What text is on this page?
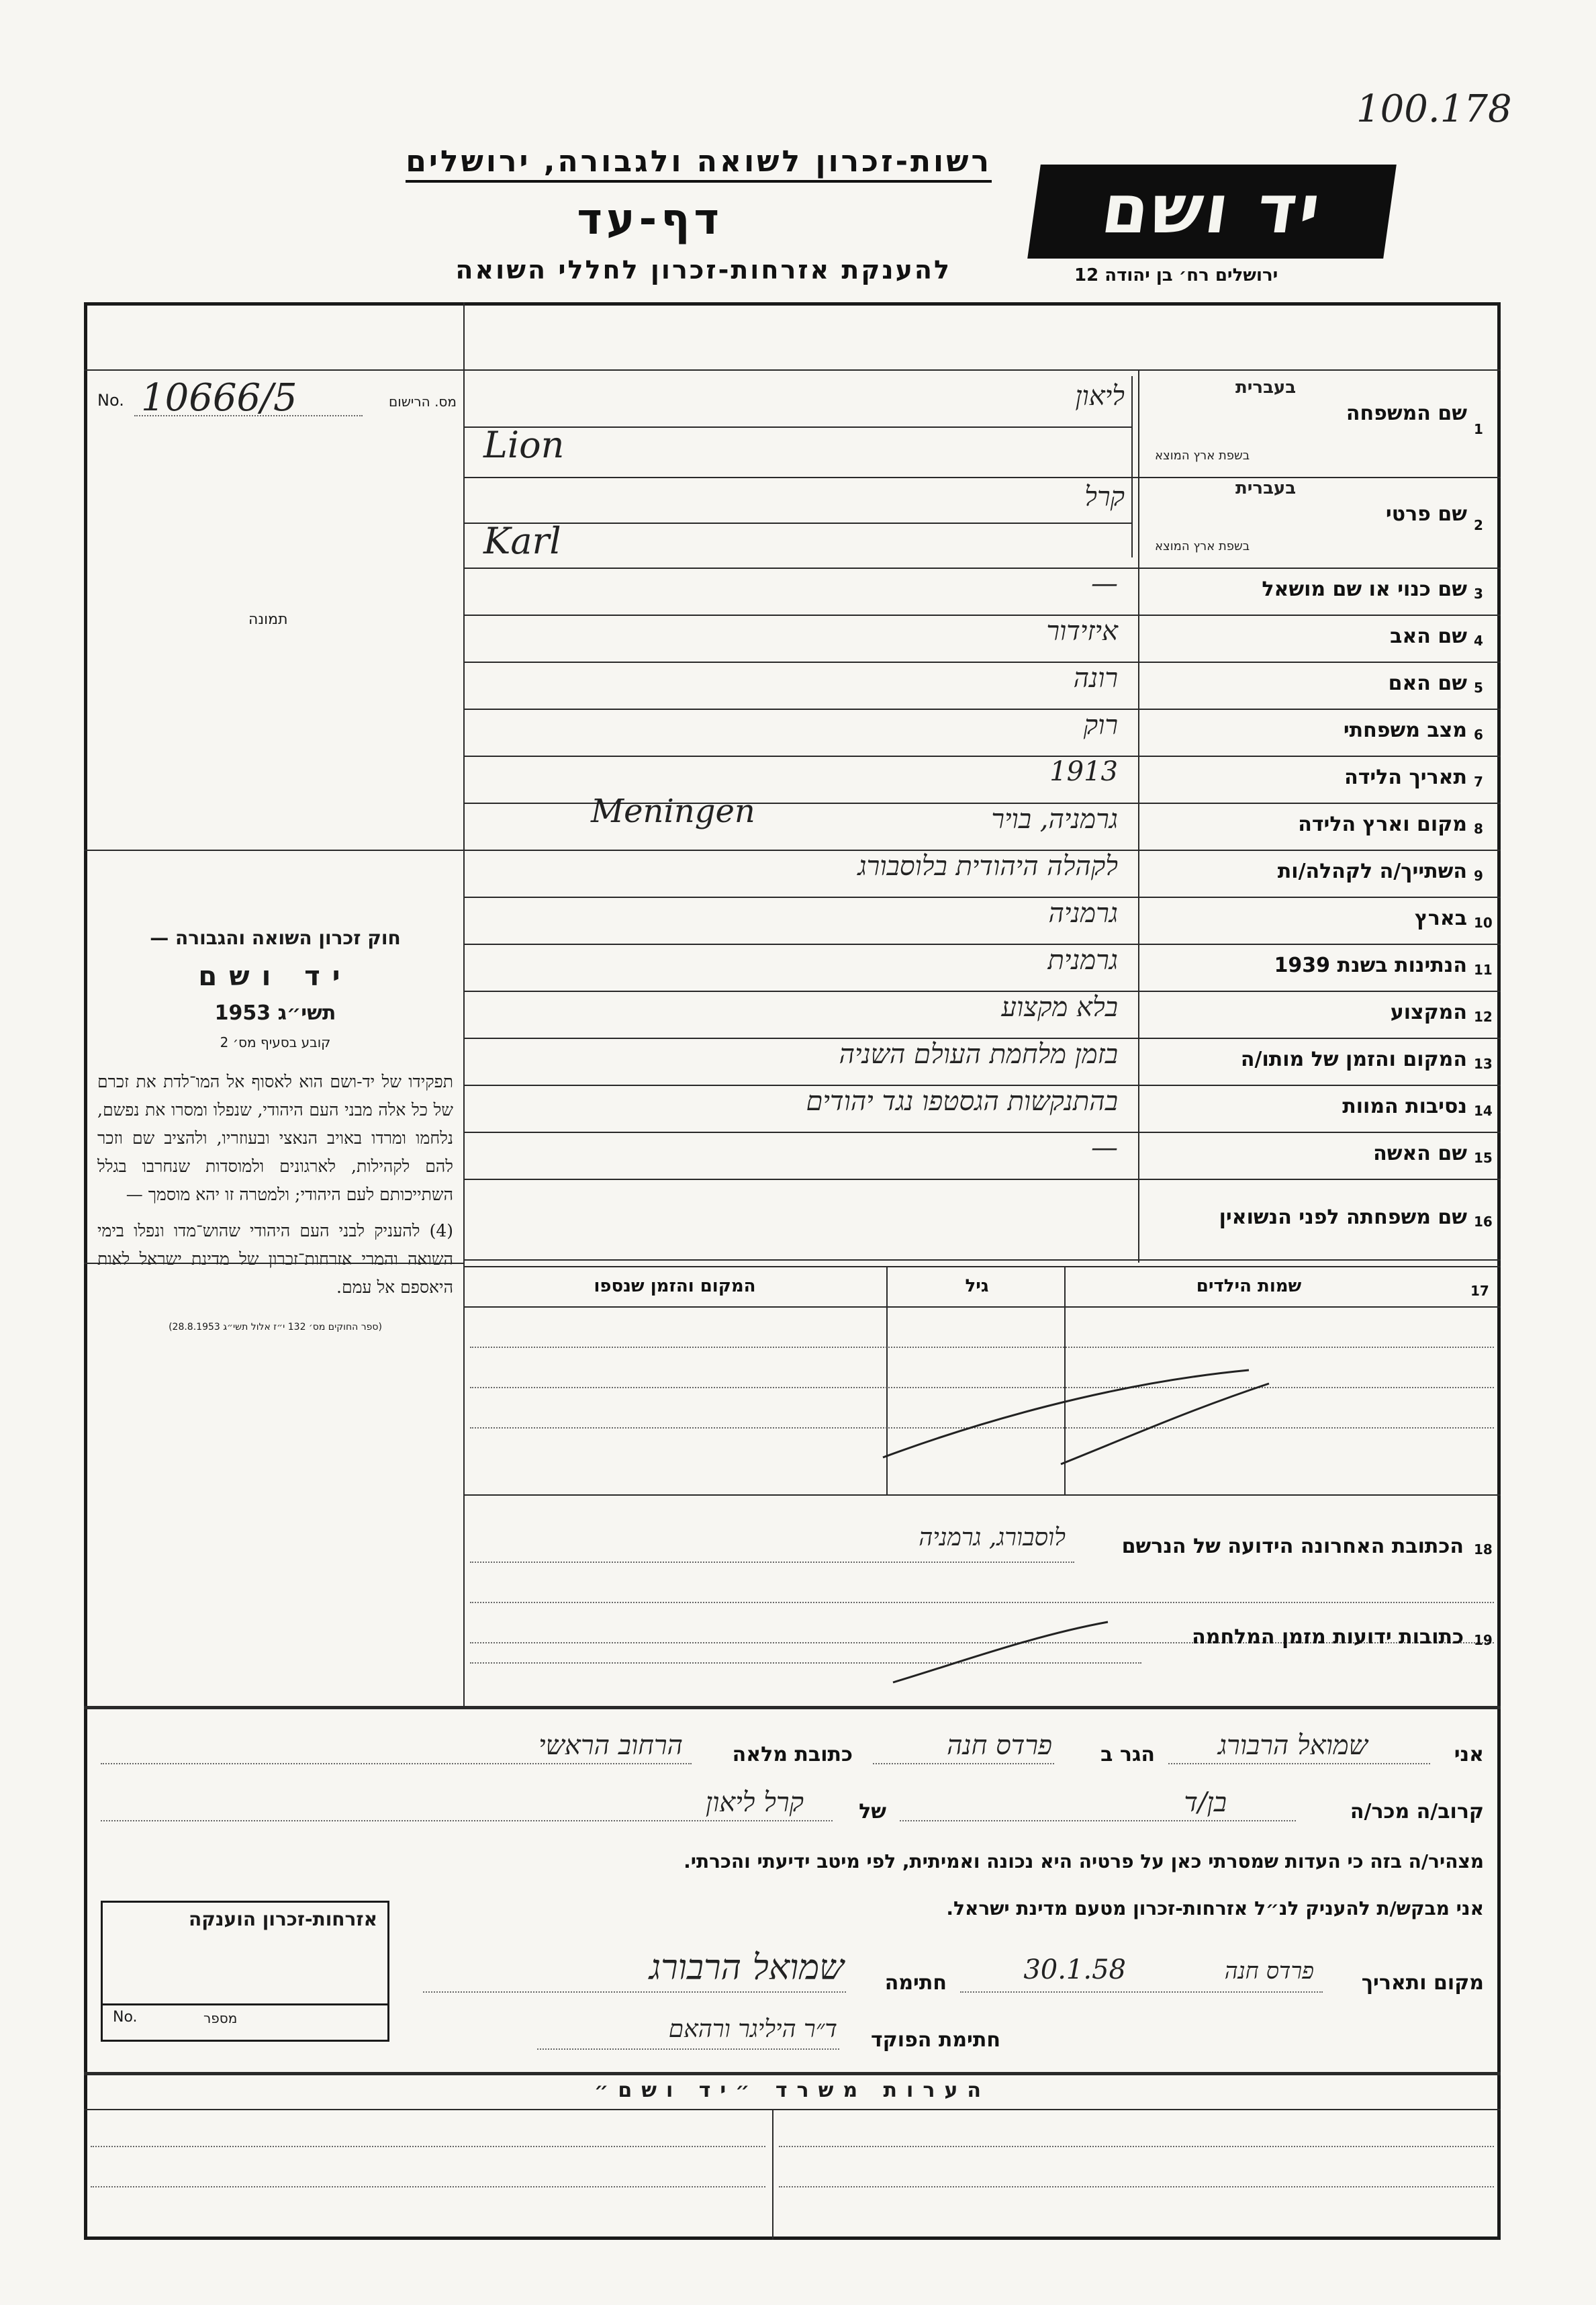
100.178
רשות-זכרון לשואה ולגבורה, ירושלים
דף-עד
להענקת אזרחות-זכרון לחללי השואה
יד ושם
ירושלים רח׳ בן יהודה 12
No. 10666/5	מס. הרישום
תמונה
חוק זכרון השואה והגבורה —
יד ושם
תשי״ג 1953
קובע בסעיף מס׳ 2
תפקידו של יד-ושם הוא לאסוף אל המו־לדת את זכרם של כל אלה מבני העם היהודי, שנפלו ומסרו את נפשם, נלחמו ומרדו באויב הנאצי ובעוזריו, ולהציב שם וזכר להם לקהילות, לארגונים ולמוסדות שנחרבו בגלל השתייכותם לעם היהודי; ולמטרה זו יהא מוסמך —
(4) להעניק לבני העם היהודי שהוש־מדו ונפלו בימי השואה והמרי אזרחות־זכרון של מדינת ישראל לאות היאספם אל עמם.
(ספר החוקים מס׳ 132 י״ז אלול תשי״ג 28.8.1953)
1
שם המשפחה
בעברית
בשפת ארץ המוצא
ליאון
Lion
2
שם פרטי
בעברית
בשפת ארץ המוצא
קרל
Karl
3
שם כנוי או שם מושאל
—
4
שם האב
איזידור
5
שם האם
רונה
6
מצב משפחתי
רוק
7
תאריך הלידה
1913
8
מקום וארץ הלידה
גרמניה, בויר
Meningen
9
השתייך/ה לקהלה/ות
לקהלה היהודית בלוסבורג
10
בארץ
גרמניה
11
הנתינות בשנת 1939
גרמנית
12
המקצוע
בלא מקצוע
13
המקום והזמן של מותו/ה
בזמן מלחמת העולם השניה
14
נסיבות המוות
בהתנקשות הגסטפו נגד יהודים
15
שם האשה
—
16
שם משפחתה לפני הנשואין
17
שמות הילדים
גיל
המקום והזמן שנספו
18
הכתובת האחרונה הידועה של הנרשם
לוסבורג, גרמניה
19
כתובות ידועות מזמן המלחמה
אני
שמואל הרבורג
הגר ב
פרדס חנה
כתובת מלאה
הרחוב הראשי
קרוב/ה מכר/ה
בן/ד
של
קרל ליאון
מצהיר/ה בזה כי העדות שמסרתי כאן על פרטיה היא נכונה ואמיתית, לפי מיטב ידיעתי והכרתי.
אני מבקש/ת להעניק לנ״ל אזרחות-זכרון מטעם מדינת ישראל.
מקום ותאריך
פרדס חנה
30.1.58
חתימה
שמואל הרבורג
חתימת הפוקד
ד״ר היליגר ורהאם
אזרחות-זכרון הוענקה
No.	מספר
הערות משרד ״יד ושם״
